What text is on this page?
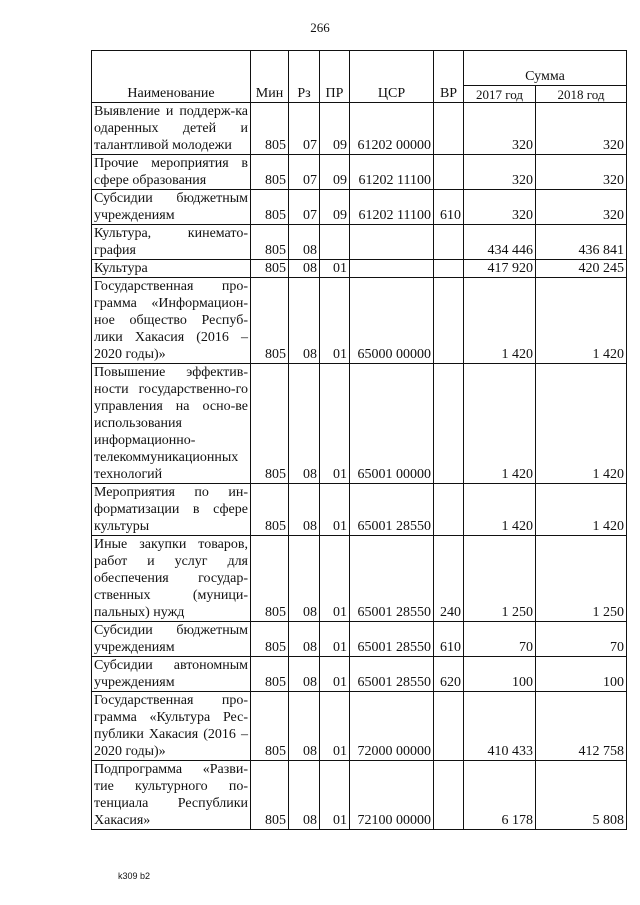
266
Наименование	Мин	Рз	ПР	ЦСР	ВР	Сумма	
						2017 год	2018 год
Выявление и поддерж-ка одаренных детей и талантливой молодежи	805	07	09	61202 00000		320	320
Прочие мероприятия в сфере образования	805	07	09	61202 11100		320	320
Субсидии бюджетным учреждениям	805	07	09	61202 11100	610	320	320
Культура, кинемато-графия	805	08				434 446	436 841
Культура	805	08	01			417 920	420 245
Государственная про-грамма «Информацион-ное общество Респуб-лики Хакасия (2016 – 2020 годы)»	805	08	01	65000 00000		1 420	1 420
Повышение эффектив-ности государственно-го управления на осно-ве использования информационно-телекоммуникационных технологий	805	08	01	65001 00000		1 420	1 420
Мероприятия по ин-форматизации в сфере культуры	805	08	01	65001 28550		1 420	1 420
Иные закупки товаров, работ и услуг для обеспечения государ-ственных (муници-пальных) нужд	805	08	01	65001 28550	240	1 250	1 250
Субсидии бюджетным учреждениям	805	08	01	65001 28550	610	70	70
Субсидии автономным учреждениям	805	08	01	65001 28550	620	100	100
Государственная про-грамма «Культура Рес-публики Хакасия (2016 – 2020 годы)»	805	08	01	72000 00000		410 433	412 758
Подпрограмма «Разви-тие культурного по-тенциала Республики Хакасия»	805	08	01	72100 00000		6 178	5 808
k309 b2
